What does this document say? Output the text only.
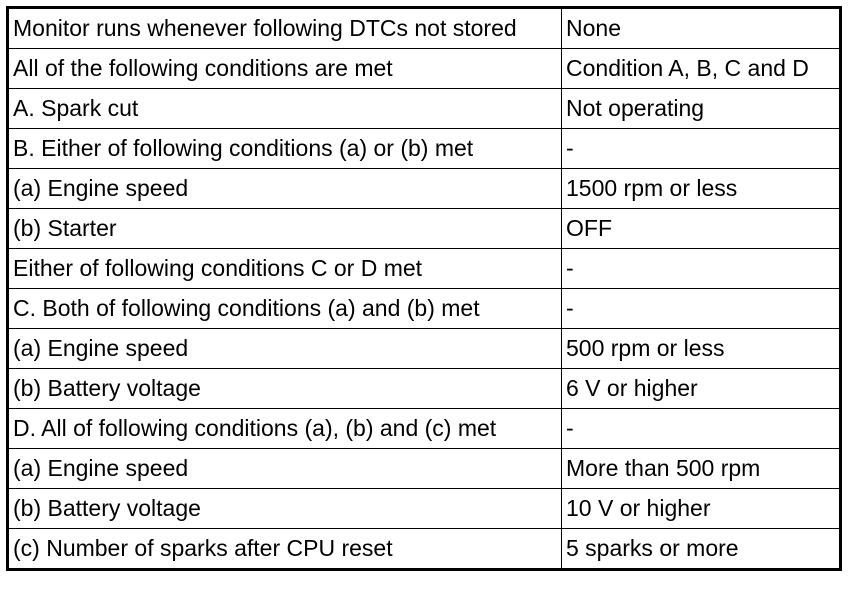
Monitor runs whenever following DTCs not stored	None
All of the following conditions are met	Condition A, B, C and D
A. Spark cut	Not operating
B. Either of following conditions (a) or (b) met	-
(a) Engine speed	1500 rpm or less
(b) Starter	OFF
Either of following conditions C or D met	-
C. Both of following conditions (a) and (b) met	-
(a) Engine speed	500 rpm or less
(b) Battery voltage	6 V or higher
D. All of following conditions (a), (b) and (c) met	-
(a) Engine speed	More than 500 rpm
(b) Battery voltage	10 V or higher
(c) Number of sparks after CPU reset	5 sparks or more
